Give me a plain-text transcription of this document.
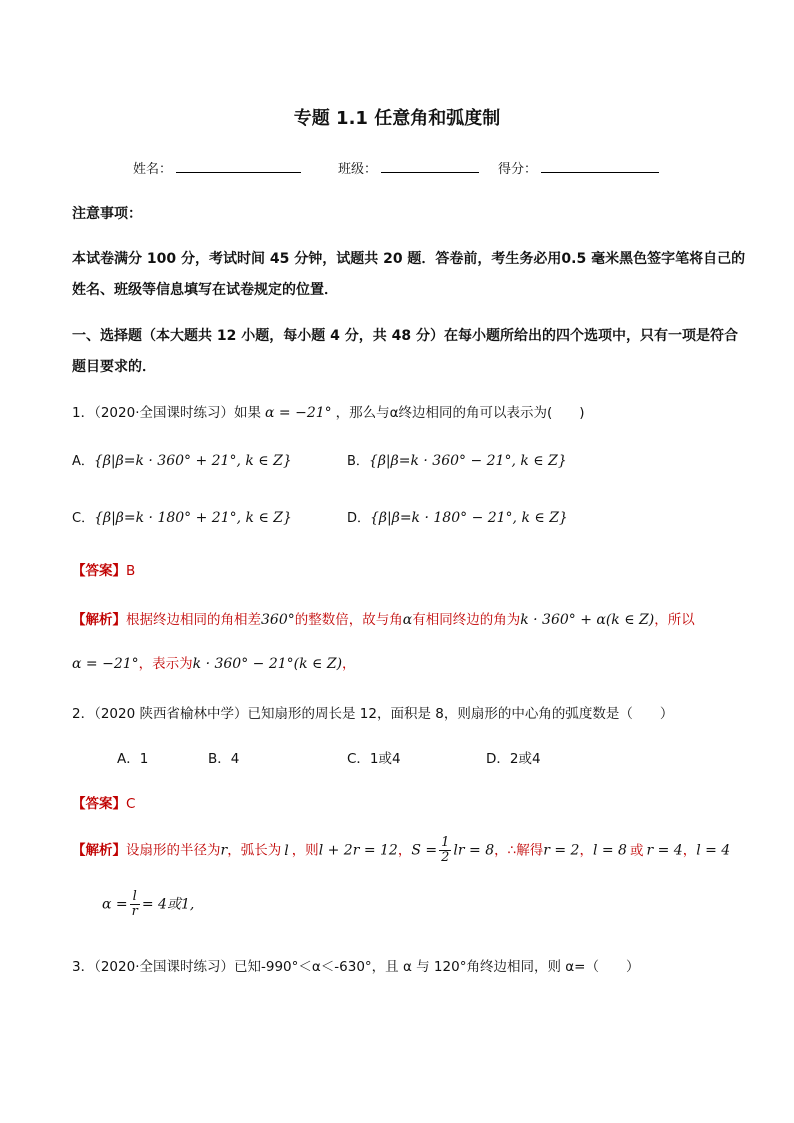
专题 1.1 任意角和弧度制
姓名：	班级：	得分：
注意事项：
本试卷满分 100 分，考试时间 45 分钟，试题共 20 题．答卷前，考生务必用0.5 毫米黑色签字笔将自己的
姓名、班级等信息填写在试卷规定的位置．
一、选择题（本大题共 12 小题，每小题 4 分，共 48 分）在每小题所给出的四个选项中，只有一项是符合
题目要求的．
1．（2020·全国课时练习）如果 α = −21° ，那么与α终边相同的角可以表示为(　　)
A．{β|β=k · 360° + 21°, k ∈ Z}	B．{β|β=k · 360° − 21°, k ∈ Z}
C．{β|β=k · 180° + 21°, k ∈ Z}	D．{β|β=k · 180° − 21°, k ∈ Z}
【答案】B
【解析】根据终边相同的角相差360°的整数倍，故与角α有相同终边的角为k · 360° + α(k ∈ Z)，所以
α = −21°，表示为k · 360° − 21°(k ∈ Z)，
2．（2020 陕西省榆林中学）已知扇形的周长是 12，面积是 8，则扇形的中心角的弧度数是（　　）
A．1	B．4	C．1或4	D．2或4
【答案】C
【解析】设扇形的半径为r，弧长为 l ，则l + 2r = 12，$S = \frac{1}{2}$ lr = 8，∴解得r = 2，l = 8 或 r = 4，l = 4
$\alpha = \frac{l}{r} = 4$或1,
3．（2020·全国课时练习）已知-990°＜α＜-630°，且 α 与 120°角终边相同，则 α=（　　）
